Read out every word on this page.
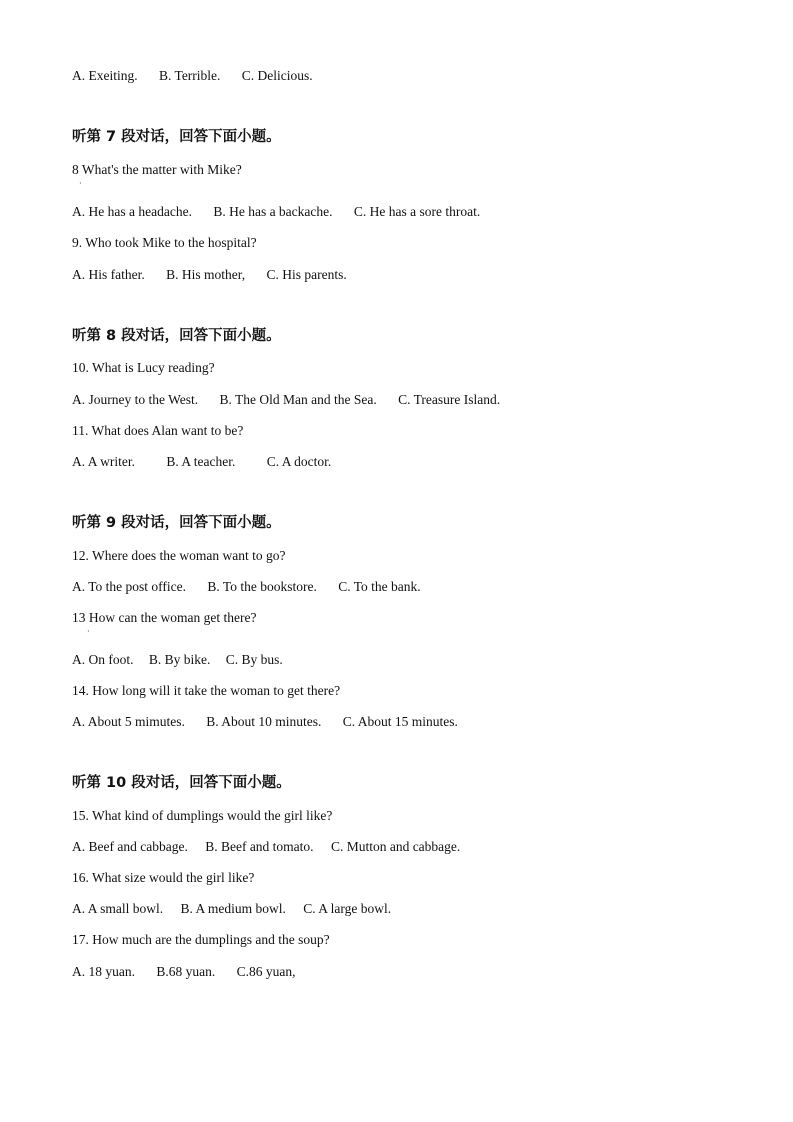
A. Exeiting. B. Terrible. C. Delicious.
听第 7 段对话，回答下面小题。
8 What's the matter with Mike?
·
A. He has a headache. B. He has a backache. C. He has a sore throat.
9. Who took Mike to the hospital?
A. His father. B. His mother, C. His parents.
听第 8 段对话，回答下面小题。
10. What is Lucy reading?
A. Journey to the West. B. The Old Man and the Sea. C. Treasure Island.
11. What does Alan want to be?
A. A writer. B. A teacher. C. A doctor.
听第 9 段对话，回答下面小题。
12. Where does the woman want to go?
A. To the post office. B. To the bookstore. C. To the bank.
13 How can the woman get there?
·
A. On foot. B. By bike. C. By bus.
14. How long will it take the woman to get there?
A. About 5 mimutes. B. About 10 minutes. C. About 15 minutes.
听第 10 段对话，回答下面小题。
15. What kind of dumplings would the girl like?
A. Beef and cabbage. B. Beef and tomato. C. Mutton and cabbage.
16. What size would the girl like?
A. A small bowl. B. A medium bowl. C. A large bowl.
17. How much are the dumplings and the soup?
A. 18 yuan. B.68 yuan. C.86 yuan,
